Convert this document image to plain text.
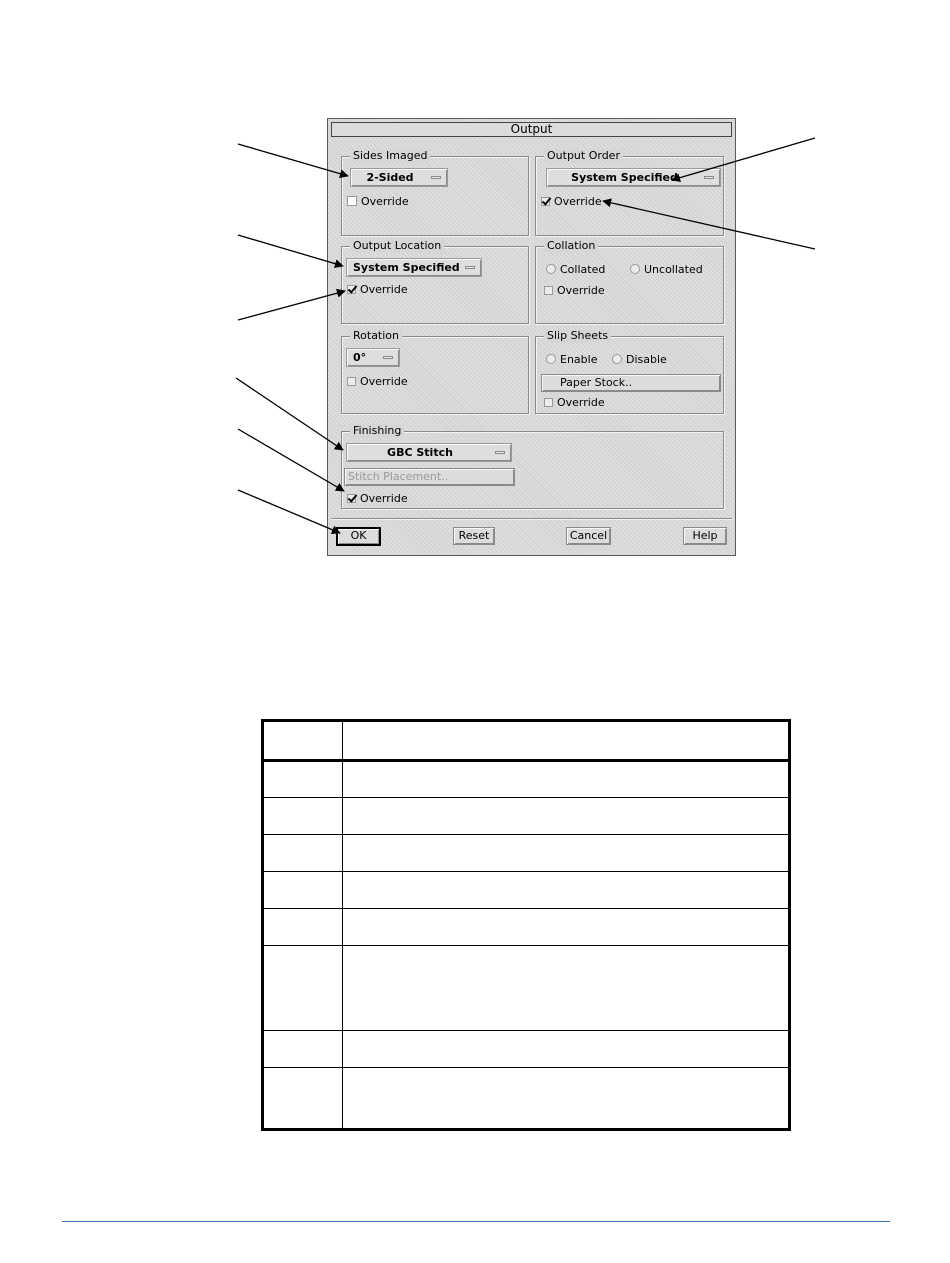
Output
Sides Imaged
2-Sided
Override
Output Order
System Specified
Override
Output Location
System Specified
Override
Collation
Collated	Uncollated
Override
Rotation
0°
Override
Slip Sheets
Enable	Disable
Paper Stock..
Override
Finishing
GBC Stitch
Stitch Placement..
Override
OK	Reset	Cancel	Help
